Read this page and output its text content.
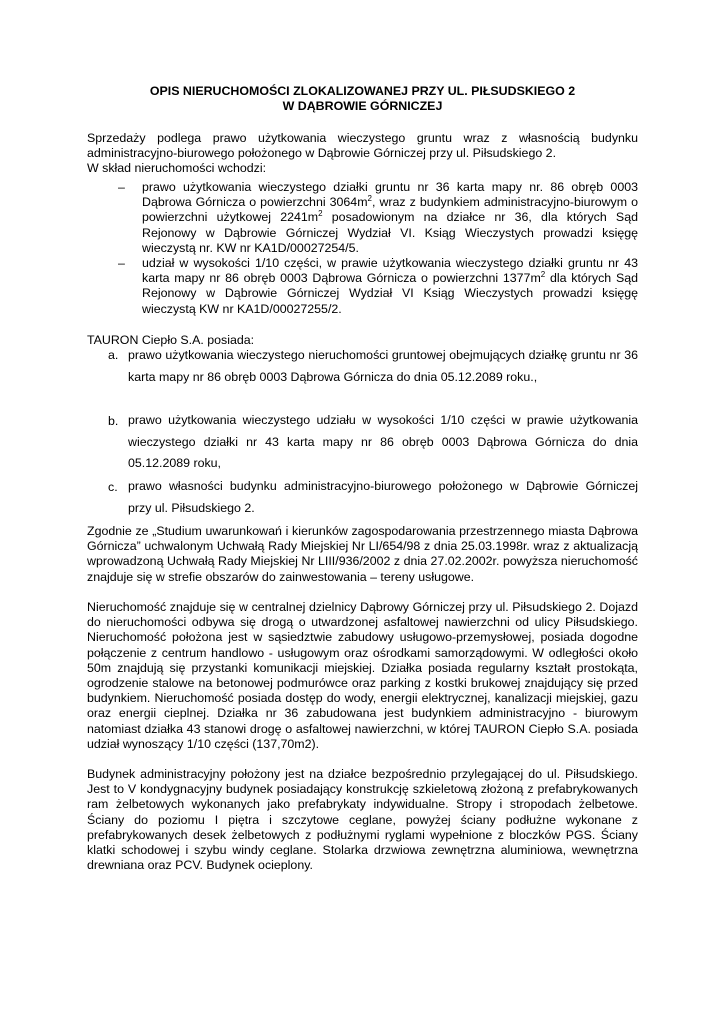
OPIS NIERUCHOMOŚCI ZLOKALIZOWANEJ PRZY UL. PIŁSUDSKIEGO 2
W DĄBROWIE GÓRNICZEJ
Sprzedaży podlega prawo użytkowania wieczystego gruntu wraz z własnością budynku administracyjno-biurowego położonego w Dąbrowie Górniczej przy ul. Piłsudskiego 2.
W skład nieruchomości wchodzi:
– prawo użytkowania wieczystego działki gruntu nr 36 karta mapy nr. 86 obręb 0003 Dąbrowa Górnicza o powierzchni $3064m^2$, wraz z budynkiem administracyjno-biurowym o powierzchni użytkowej $2241m^2$ posadowionym na działce nr 36, dla których Sąd Rejonowy w Dąbrowie Górniczej Wydział VI. Ksiąg Wieczystych prowadzi księgę wieczystą nr. KW nr KA1D/00027254/5.
– udział w wysokości 1/10 części, w prawie użytkowania wieczystego działki gruntu nr 43 karta mapy nr 86 obręb 0003 Dąbrowa Górnicza o powierzchni $1377m^2$ dla których Sąd Rejonowy w Dąbrowie Górniczej Wydział VI Ksiąg Wieczystych prowadzi księgę wieczystą KW nr KA1D/00027255/2.
TAURON Ciepło S.A. posiada:
a. prawo użytkowania wieczystego nieruchomości gruntowej obejmujących działkę gruntu nr 36 karta mapy nr 86 obręb 0003 Dąbrowa Górnicza do dnia 05.12.2089 roku.,
b. prawo użytkowania wieczystego udziału w wysokości 1/10 części w prawie użytkowania wieczystego działki nr 43 karta mapy nr 86 obręb 0003 Dąbrowa Górnicza do dnia 05.12.2089 roku,
c. prawo własności budynku administracyjno-biurowego położonego w Dąbrowie Górniczej przy ul. Piłsudskiego 2.
Zgodnie ze „Studium uwarunkowań i kierunków zagospodarowania przestrzennego miasta Dąbrowa Górnicza” uchwalonym Uchwałą Rady Miejskiej Nr LI/654/98 z dnia 25.03.1998r. wraz z aktualizacją wprowadzoną Uchwałą Rady Miejskiej Nr LIII/936/2002 z dnia 27.02.2002r. powyższa nieruchomość znajduje się w strefie obszarów do zainwestowania – tereny usługowe.
Nieruchomość znajduje się w centralnej dzielnicy Dąbrowy Górniczej przy ul. Piłsudskiego 2. Dojazd do nieruchomości odbywa się drogą o utwardzonej asfaltowej nawierzchni od ulicy Piłsudskiego. Nieruchomość położona jest w sąsiedztwie zabudowy usługowo-przemysłowej, posiada dogodne połączenie z centrum handlowo - usługowym oraz ośrodkami samorządowymi. W odległości około 50m znajdują się przystanki komunikacji miejskiej. Działka posiada regularny kształt prostokąta, ogrodzenie stalowe na betonowej podmurówce oraz parking z kostki brukowej znajdujący się przed budynkiem. Nieruchomość posiada dostęp do wody, energii elektrycznej, kanalizacji miejskiej, gazu oraz energii cieplnej. Działka nr 36 zabudowana jest budynkiem administracyjno - biurowym natomiast działka 43 stanowi drogę o asfaltowej nawierzchni, w której TAURON Ciepło S.A. posiada udział wynoszący 1/10 części (137,70m2).
Budynek administracyjny położony jest na działce bezpośrednio przylegającej do ul. Piłsudskiego. Jest to V kondygnacyjny budynek posiadający konstrukcję szkieletową złożoną z prefabrykowanych ram żelbetowych wykonanych jako prefabrykaty indywidualne. Stropy i stropodach żelbetowe. Ściany do poziomu I piętra i szczytowe ceglane, powyżej ściany podłużne wykonane z prefabrykowanych desek żelbetowych z podłużnymi ryglami wypełnione z bloczków PGS. Ściany klatki schodowej i szybu windy ceglane. Stolarka drzwiowa zewnętrzna aluminiowa, wewnętrzna drewniana oraz PCV. Budynek ocieplony.
